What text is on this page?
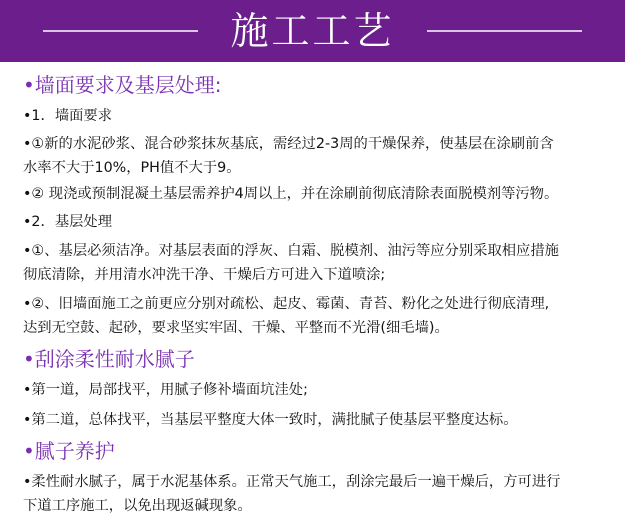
施工工艺

•墙面要求及基层处理:

•1．墙面要求

•①新的水泥砂浆、混合砂浆抹灰基底，需经过2-3周的干燥保养，使基层在涂刷前含

水率不大于10%，PH值不大于9。

•② 现浇或预制混凝土基层需养护4周以上，并在涂刷前彻底清除表面脱模剂等污物。

•2．基层处理

•①、基层必须洁净。对基层表面的浮灰、白霜、脱模剂、油污等应分别采取相应措施

彻底清除，并用清水冲洗干净、干燥后方可进入下道喷涂;

•②、旧墙面施工之前更应分别对疏松、起皮、霉菌、青苔、粉化之处进行彻底清理,

达到无空鼓、起砂，要求坚实牢固、干燥、平整而不光滑(细毛墙)。

•刮涂柔性耐水腻子

•第一道，局部找平，用腻子修补墙面坑洼处;

•第二道，总体找平，当基层平整度大体一致时，满批腻子使基层平整度达标。

•腻子养护

•柔性耐水腻子，属于水泥基体系。正常天气施工，刮涂完最后一遍干燥后，方可进行

下道工序施工，以免出现返碱现象。
